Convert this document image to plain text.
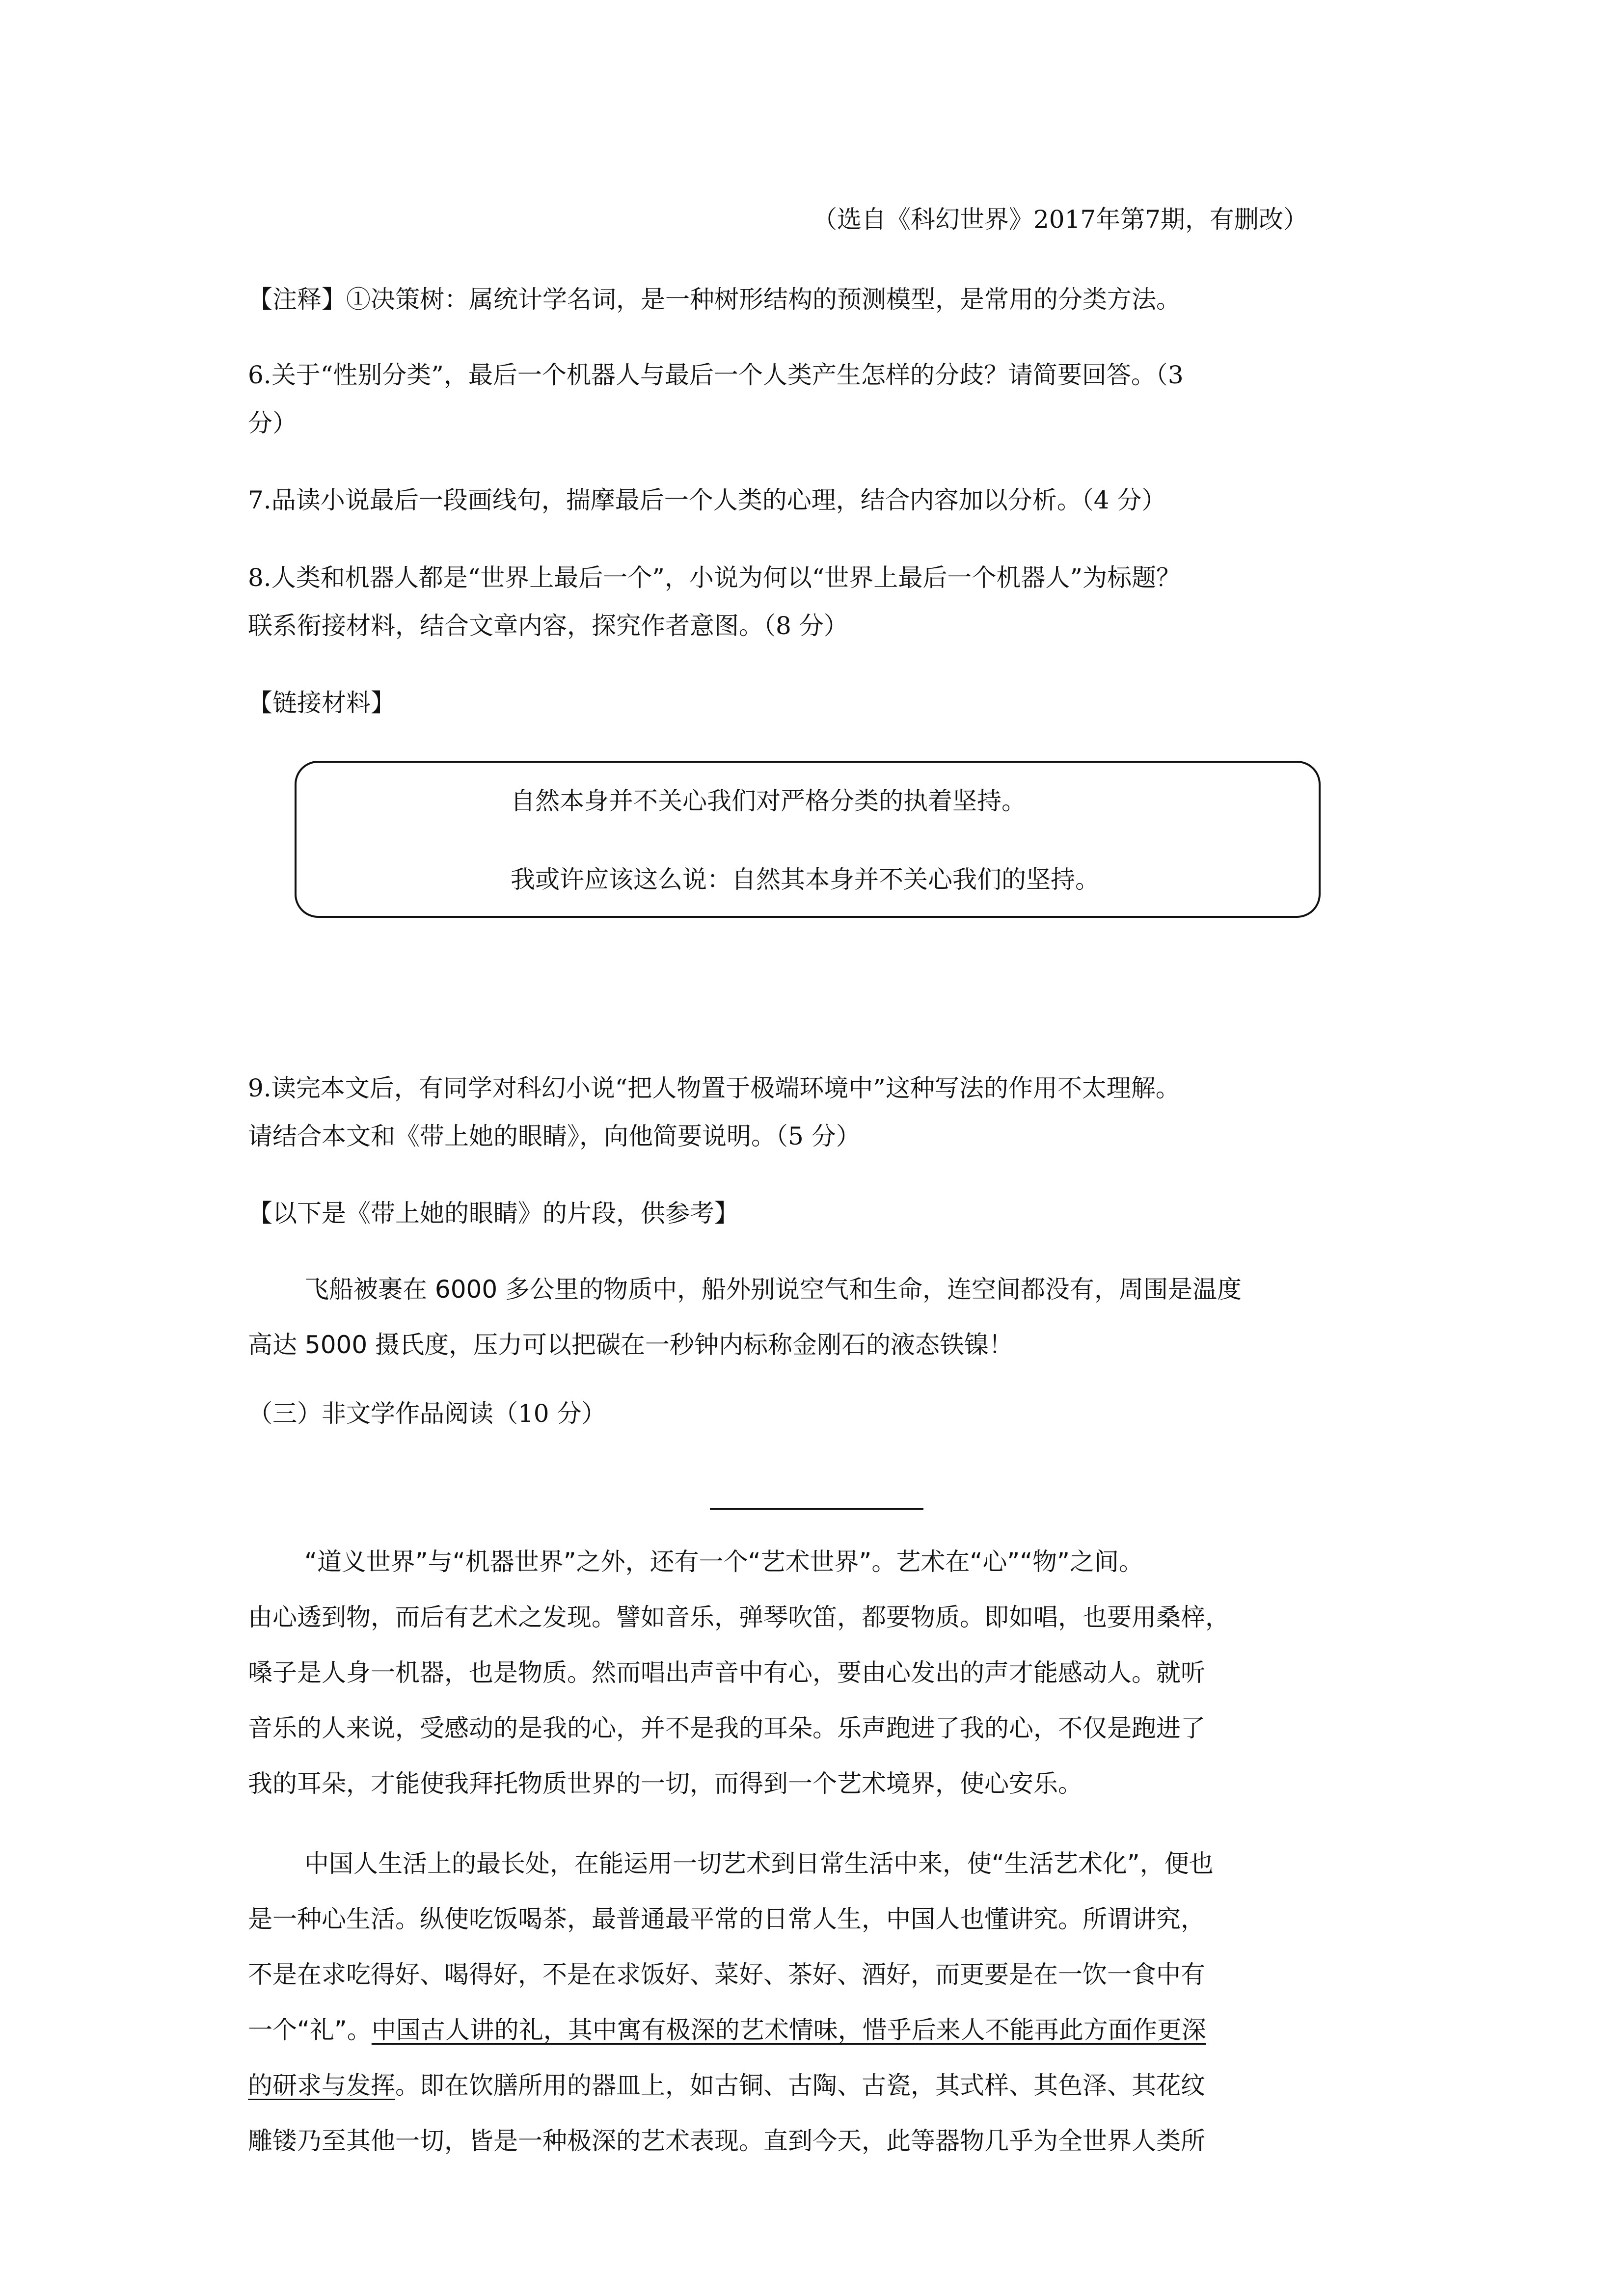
（选自《科幻世界》2017年第7期，有删改）
【注释】①决策树：属统计学名词，是一种树形结构的预测模型，是常用的分类方法。
6.关于“性别分类”，最后一个机器人与最后一个人类产生怎样的分歧？请简要回答。（3
分）
7.品读小说最后一段画线句，揣摩最后一个人类的心理，结合内容加以分析。（4 分）
8.人类和机器人都是“世界上最后一个”，小说为何以“世界上最后一个机器人”为标题？
联系衔接材料，结合文章内容，探究作者意图。（8 分）
【链接材料】
自然本身并不关心我们对严格分类的执着坚持。
我或许应该这么说：自然其本身并不关心我们的坚持。
9.读完本文后，有同学对科幻小说“把人物置于极端环境中”这种写法的作用不太理解。
请结合本文和《带上她的眼睛》，向他简要说明。（5 分）
【以下是《带上她的眼睛》的片段，供参考】
飞船被裹在 6000 多公里的物质中，船外别说空气和生命，连空间都没有，周围是温度
高达 5000 摄氏度，压力可以把碳在一秒钟内标称金刚石的液态铁镍！
（三）非文学作品阅读（10 分）
“道义世界”与“机器世界”之外，还有一个“艺术世界”。艺术在“心”“物”之间。
由心透到物，而后有艺术之发现。譬如音乐，弹琴吹笛，都要物质。即如唱，也要用桑梓，
嗓子是人身一机器，也是物质。然而唱出声音中有心，要由心发出的声才能感动人。就听
音乐的人来说，受感动的是我的心，并不是我的耳朵。乐声跑进了我的心，不仅是跑进了
我的耳朵，才能使我拜托物质世界的一切，而得到一个艺术境界，使心安乐。
中国人生活上的最长处，在能运用一切艺术到日常生活中来，使“生活艺术化”，便也
是一种心生活。纵使吃饭喝茶，最普通最平常的日常人生，中国人也懂讲究。所谓讲究，
不是在求吃得好、喝得好，不是在求饭好、菜好、茶好、酒好，而更要是在一饮一食中有
一个“礼”。中国古人讲的礼，其中寓有极深的艺术情味，惜乎后来人不能再此方面作更深
的研求与发挥。即在饮膳所用的器皿上，如古铜、古陶、古瓷，其式样、其色泽、其花纹
雕镂乃至其他一切，皆是一种极深的艺术表现。直到今天，此等器物几乎为全世界人类所
